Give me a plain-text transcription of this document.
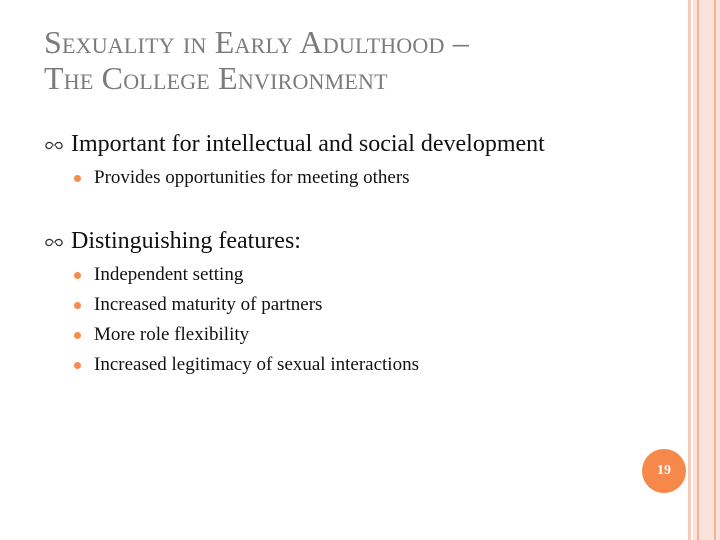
Sexuality in Early Adulthood –
The College Environment
Important for intellectual and social development
Provides opportunities for meeting others
Distinguishing features:
Independent setting
Increased maturity of partners
More role flexibility
Increased legitimacy of sexual interactions
19
